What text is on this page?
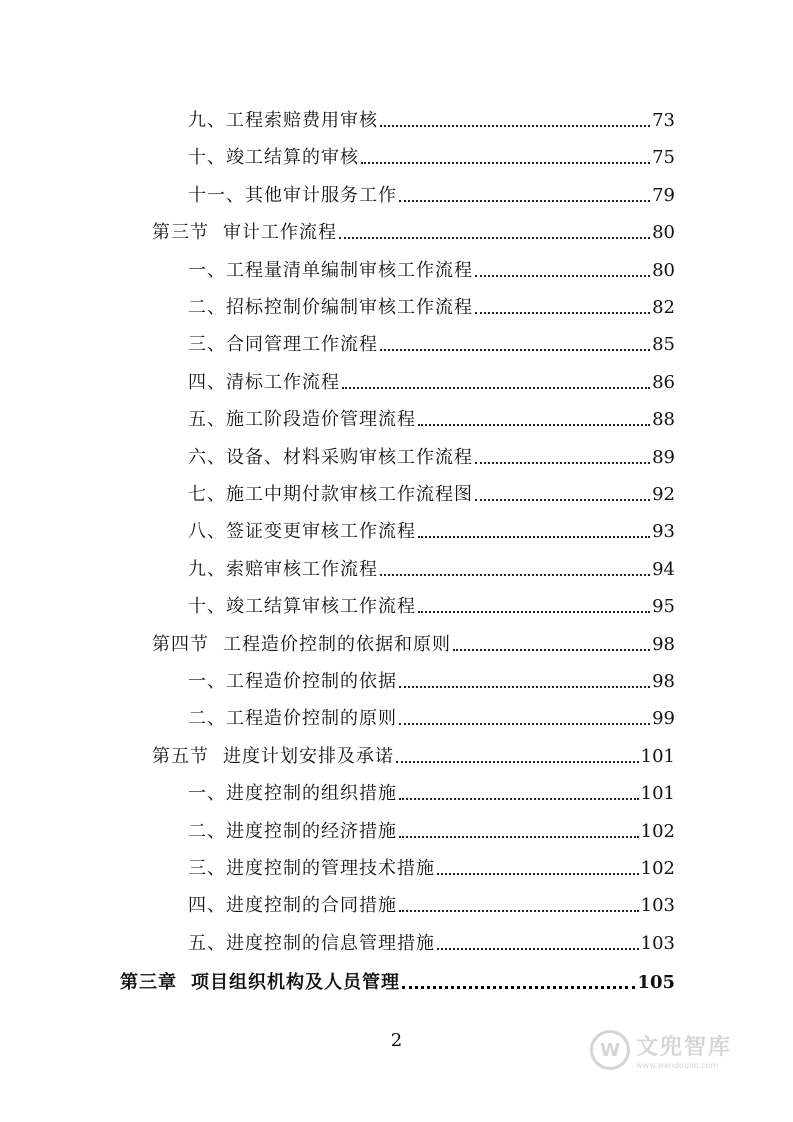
九、工程索赔费用审核	73
十、竣工结算的审核	75
十一、其他审计服务工作	79
第三节 审计工作流程	80
一、工程量清单编制审核工作流程	80
二、招标控制价编制审核工作流程	82
三、合同管理工作流程	85
四、清标工作流程	86
五、施工阶段造价管理流程	88
六、设备、材料采购审核工作流程	89
七、施工中期付款审核工作流程图	92
八、签证变更审核工作流程	93
九、索赔审核工作流程	94
十、竣工结算审核工作流程	95
第四节 工程造价控制的依据和原则	98
一、工程造价控制的依据	98
二、工程造价控制的原则	99
第五节 进度计划安排及承诺	101
一、进度控制的组织措施	101
二、进度控制的经济措施	102
三、进度控制的管理技术措施	102
四、进度控制的合同措施	103
五、进度控制的信息管理措施	103
第三章 项目组织机构及人员管理	105
2	W 文兜智库
www.wendoulib.com
